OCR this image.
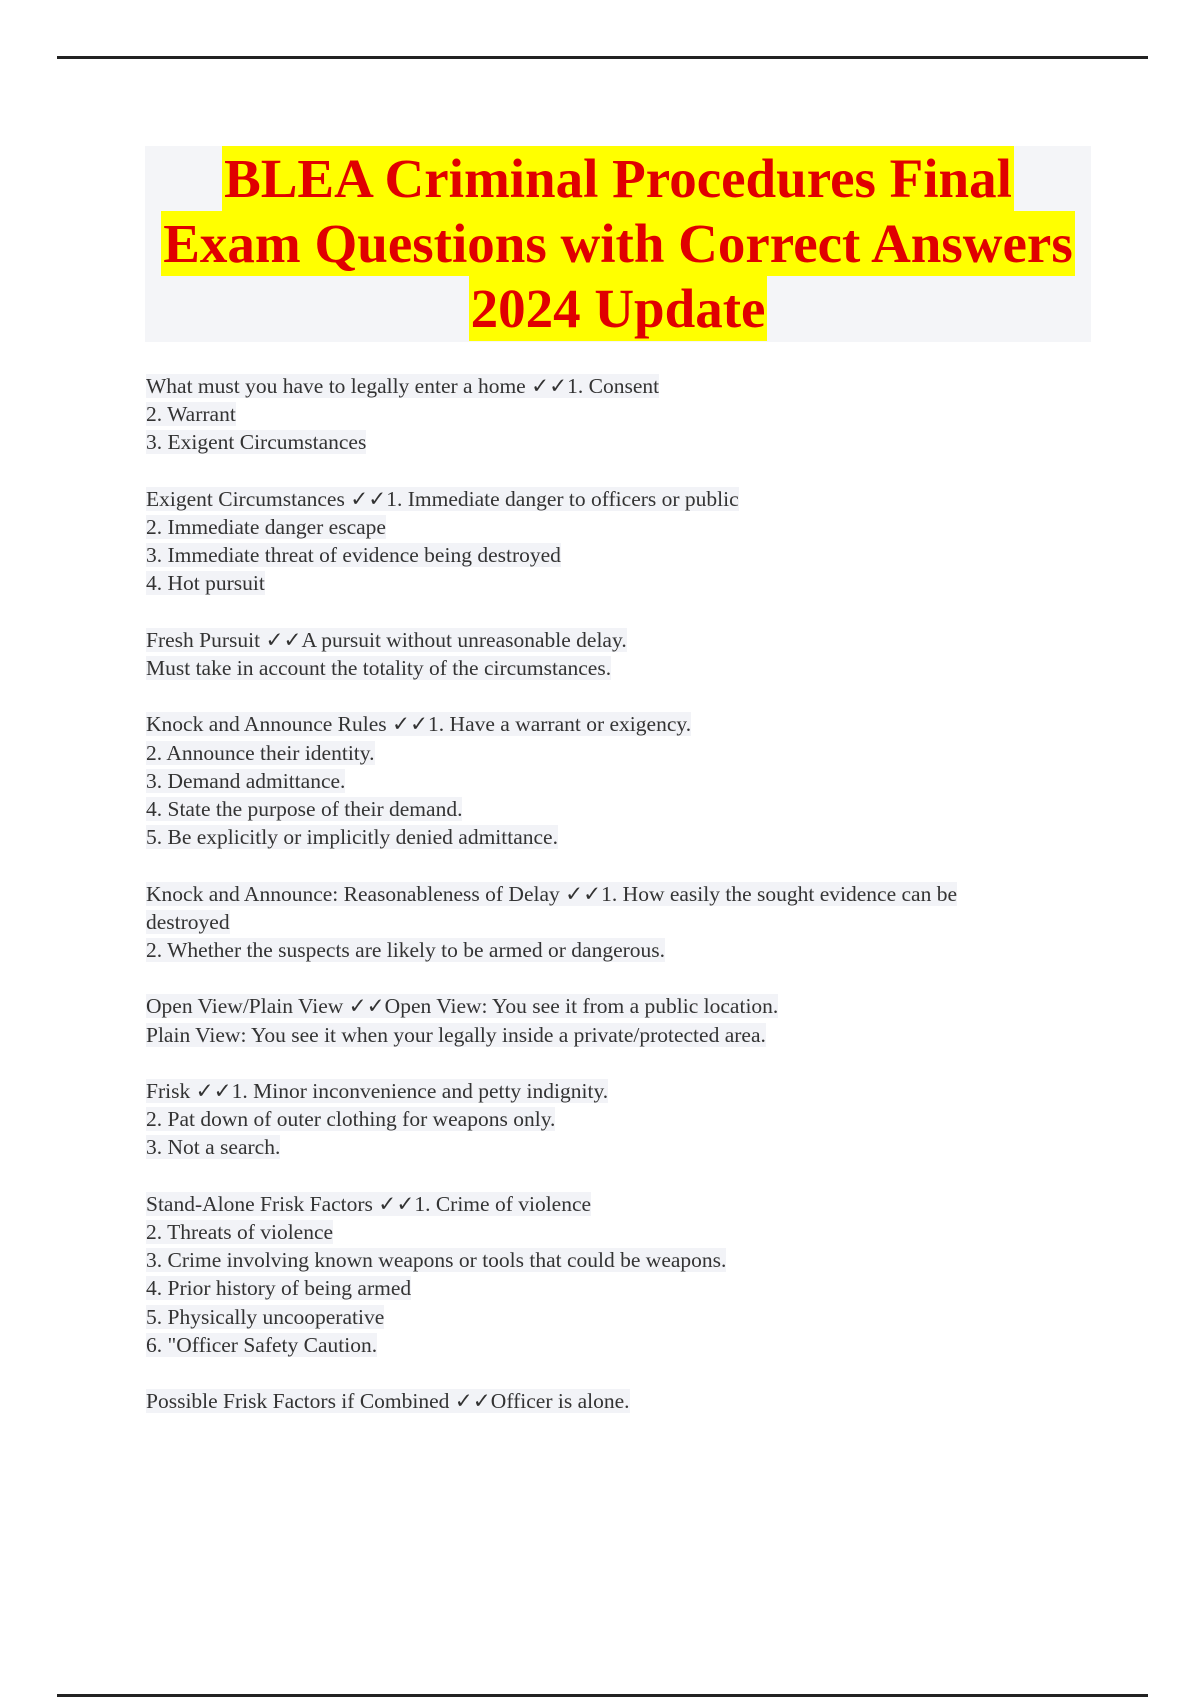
BLEA Criminal Procedures Final
Exam Questions with Correct Answers
2024 Update
What must you have to legally enter a home ✓✓1. Consent
2. Warrant
3. Exigent Circumstances
Exigent Circumstances ✓✓1. Immediate danger to officers or public
2. Immediate danger escape
3. Immediate threat of evidence being destroyed
4. Hot pursuit
Fresh Pursuit ✓✓A pursuit without unreasonable delay.
Must take in account the totality of the circumstances.
Knock and Announce Rules ✓✓1. Have a warrant or exigency.
2. Announce their identity.
3. Demand admittance.
4. State the purpose of their demand.
5. Be explicitly or implicitly denied admittance.
Knock and Announce: Reasonableness of Delay ✓✓1. How easily the sought evidence can be
destroyed
2. Whether the suspects are likely to be armed or dangerous.
Open View/Plain View ✓✓Open View: You see it from a public location.
Plain View: You see it when your legally inside a private/protected area.
Frisk ✓✓1. Minor inconvenience and petty indignity.
2. Pat down of outer clothing for weapons only.
3. Not a search.
Stand-Alone Frisk Factors ✓✓1. Crime of violence
2. Threats of violence
3. Crime involving known weapons or tools that could be weapons.
4. Prior history of being armed
5. Physically uncooperative
6. "Officer Safety Caution.
Possible Frisk Factors if Combined ✓✓Officer is alone.
